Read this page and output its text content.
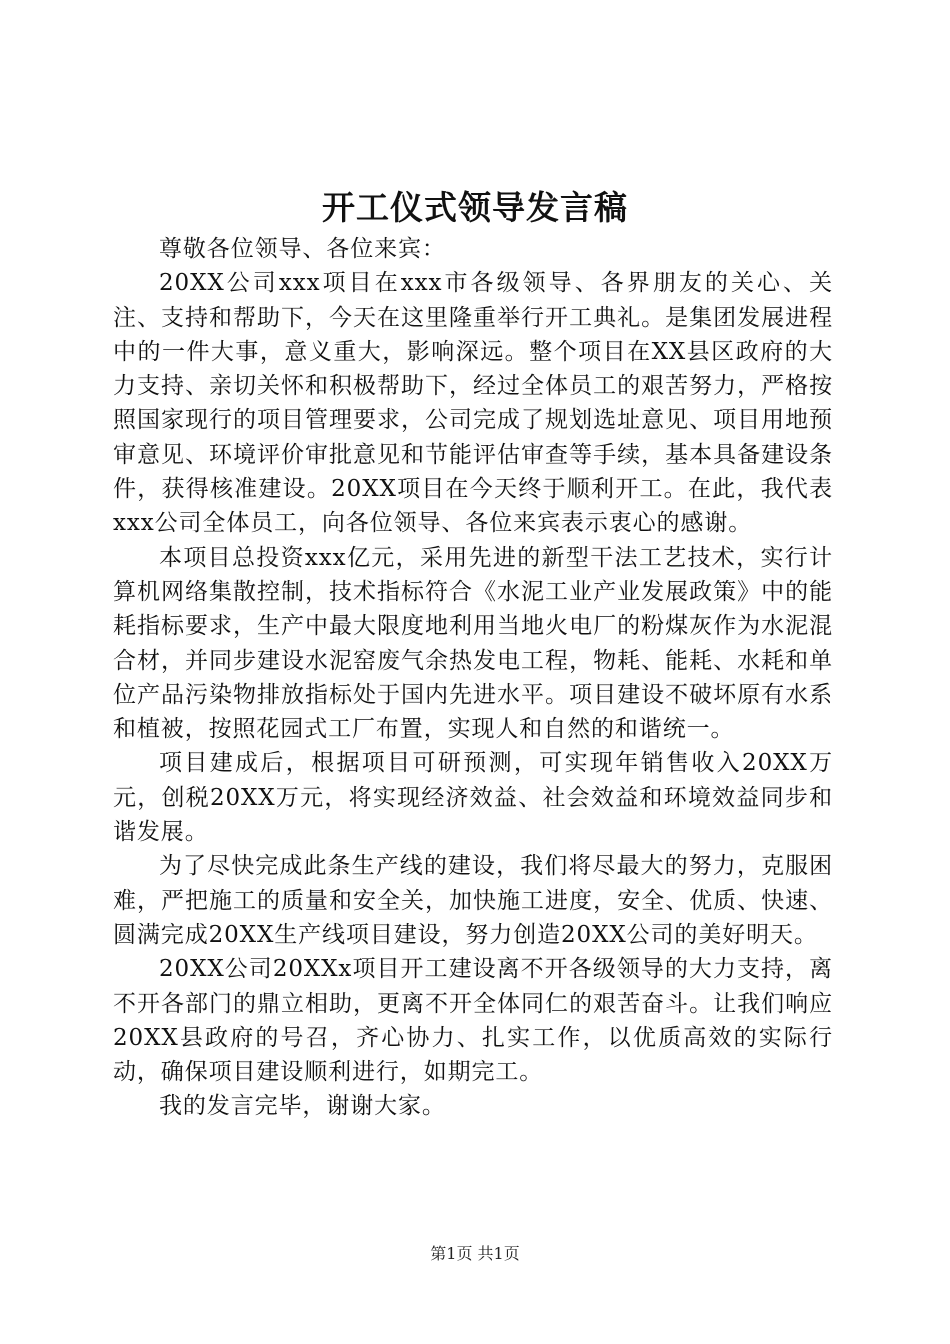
开工仪式领导发言稿

尊敬各位领导、各位来宾：

20XX公司xxx项目在xxx市各级领导、各界朋友的关心、关注、支持和帮助下，今天在这里隆重举行开工典礼。是集团发展进程中的一件大事，意义重大，影响深远。整个项目在XX县区政府的大力支持、亲切关怀和积极帮助下，经过全体员工的艰苦努力，严格按照国家现行的项目管理要求，公司完成了规划选址意见、项目用地预审意见、环境评价审批意见和节能评估审查等手续，基本具备建设条件，获得核准建设。20XX项目在今天终于顺利开工。在此，我代表xxx公司全体员工，向各位领导、各位来宾表示衷心的感谢。

本项目总投资xxx亿元，采用先进的新型干法工艺技术，实行计算机网络集散控制，技术指标符合《水泥工业产业发展政策》中的能耗指标要求，生产中最大限度地利用当地火电厂的粉煤灰作为水泥混合材，并同步建设水泥窑废气余热发电工程，物耗、能耗、水耗和单位产品污染物排放指标处于国内先进水平。项目建设不破坏原有水系和植被，按照花园式工厂布置，实现人和自然的和谐统一。

项目建成后，根据项目可研预测，可实现年销售收入20XX万元，创税20XX万元，将实现经济效益、社会效益和环境效益同步和谐发展。

为了尽快完成此条生产线的建设，我们将尽最大的努力，克服困难，严把施工的质量和安全关，加快施工进度，安全、优质、快速、圆满完成20XX生产线项目建设，努力创造20XX公司的美好明天。

20XX公司20XXx项目开工建设离不开各级领导的大力支持，离不开各部门的鼎立相助，更离不开全体同仁的艰苦奋斗。让我们响应20XX县政府的号召，齐心协力、扎实工作，以优质高效的实际行动，确保项目建设顺利进行，如期完工。

我的发言完毕，谢谢大家。

第1页 共1页
